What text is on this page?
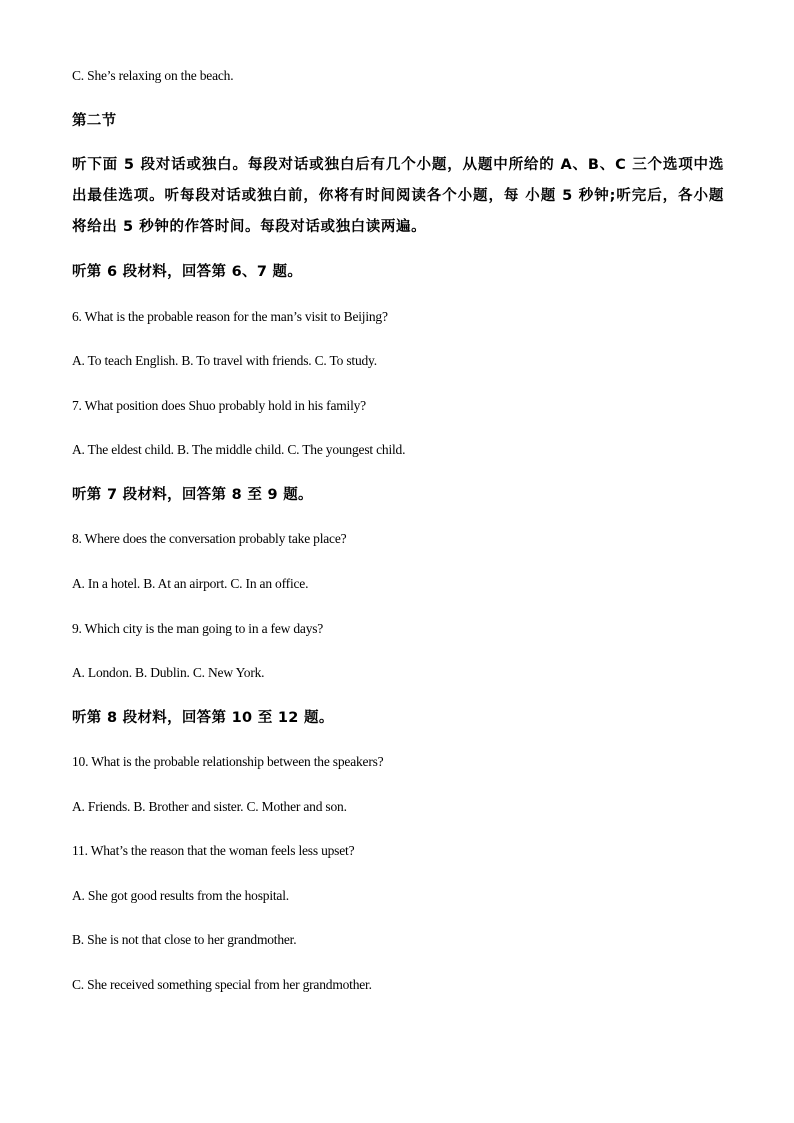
C. She’s relaxing on the beach.
第二节
听下面 5 段对话或独白。每段对话或独白后有几个小题，从题中所给的 A、B、C 三个选项中选出最佳选项。听每段对话或独白前，你将有时间阅读各个小题，每 小题 5 秒钟;听完后，各小题将给出 5 秒钟的作答时间。每段对话或独白读两遍。
听第 6 段材料，回答第 6、7 题。
6. What is the probable reason for the man’s visit to Beijing?
A. To teach English. B. To travel with friends. C. To study.
7. What position does Shuo probably hold in his family?
A. The eldest child. B. The middle child. C. The youngest child.
听第 7 段材料，回答第 8 至 9 题。
8. Where does the conversation probably take place?
A. In a hotel. B. At an airport. C. In an office.
9. Which city is the man going to in a few days?
A. London. B. Dublin. C. New York.
听第 8 段材料，回答第 10 至 12 题。
10. What is the probable relationship between the speakers?
A. Friends. B. Brother and sister. C. Mother and son.
11. What’s the reason that the woman feels less upset?
A. She got good results from the hospital.
B. She is not that close to her grandmother.
C. She received something special from her grandmother.
